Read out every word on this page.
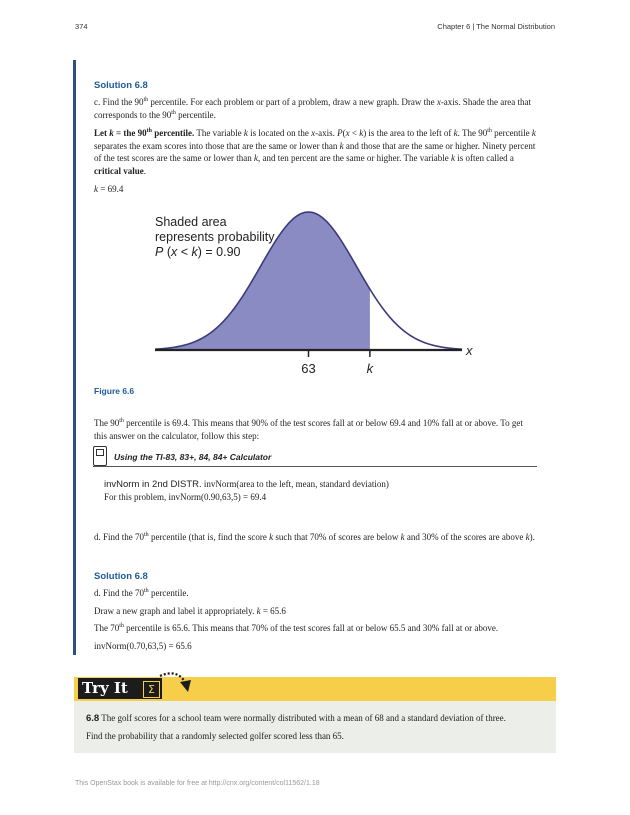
374	Chapter 6 | The Normal Distribution
Solution 6.8

c. Find the 90th percentile. For each problem or part of a problem, draw a new graph. Draw the x-axis. Shade the area that corresponds to the 90th percentile.

Let k = the 90th percentile. The variable k is located on the x-axis. P(x < k) is the area to the left of k. The 90th percentile k separates the exam scores into those that are the same or lower than k and those that are the same or higher. Ninety percent of the test scores are the same or lower than k, and ten percent are the same or higher. The variable k is often called a critical value.

k = 69.4

x
63	k
Shaded area
represents probability
P (x < k) = 0.90
Figure 6.6

The 90th percentile is 69.4. This means that 90% of the test scores fall at or below 69.4 and 10% fall at or above. To get this answer on the calculator, follow this step:

Using the TI-83, 83+, 84, 84+ Calculator
invNorm in 2nd DISTR. invNorm(area to the left, mean, standard deviation)
For this problem, invNorm(0.90,63,5) = 69.4

d. Find the 70th percentile (that is, find the score k such that 70% of scores are below k and 30% of the scores are above k).

Solution 6.8

d. Find the 70th percentile.

Draw a new graph and label it appropriately. k = 65.6

The 70th percentile is 65.6. This means that 70% of the test scores fall at or below 65.5 and 30% fall at or above.

invNorm(0.70,63,5) = 65.6

Try It	Σ

6.8 The golf scores for a school team were normally distributed with a mean of 68 and a standard deviation of three.

Find the probability that a randomly selected golfer scored less than 65.

This OpenStax book is available for free at http://cnx.org/content/col11562/1.18
